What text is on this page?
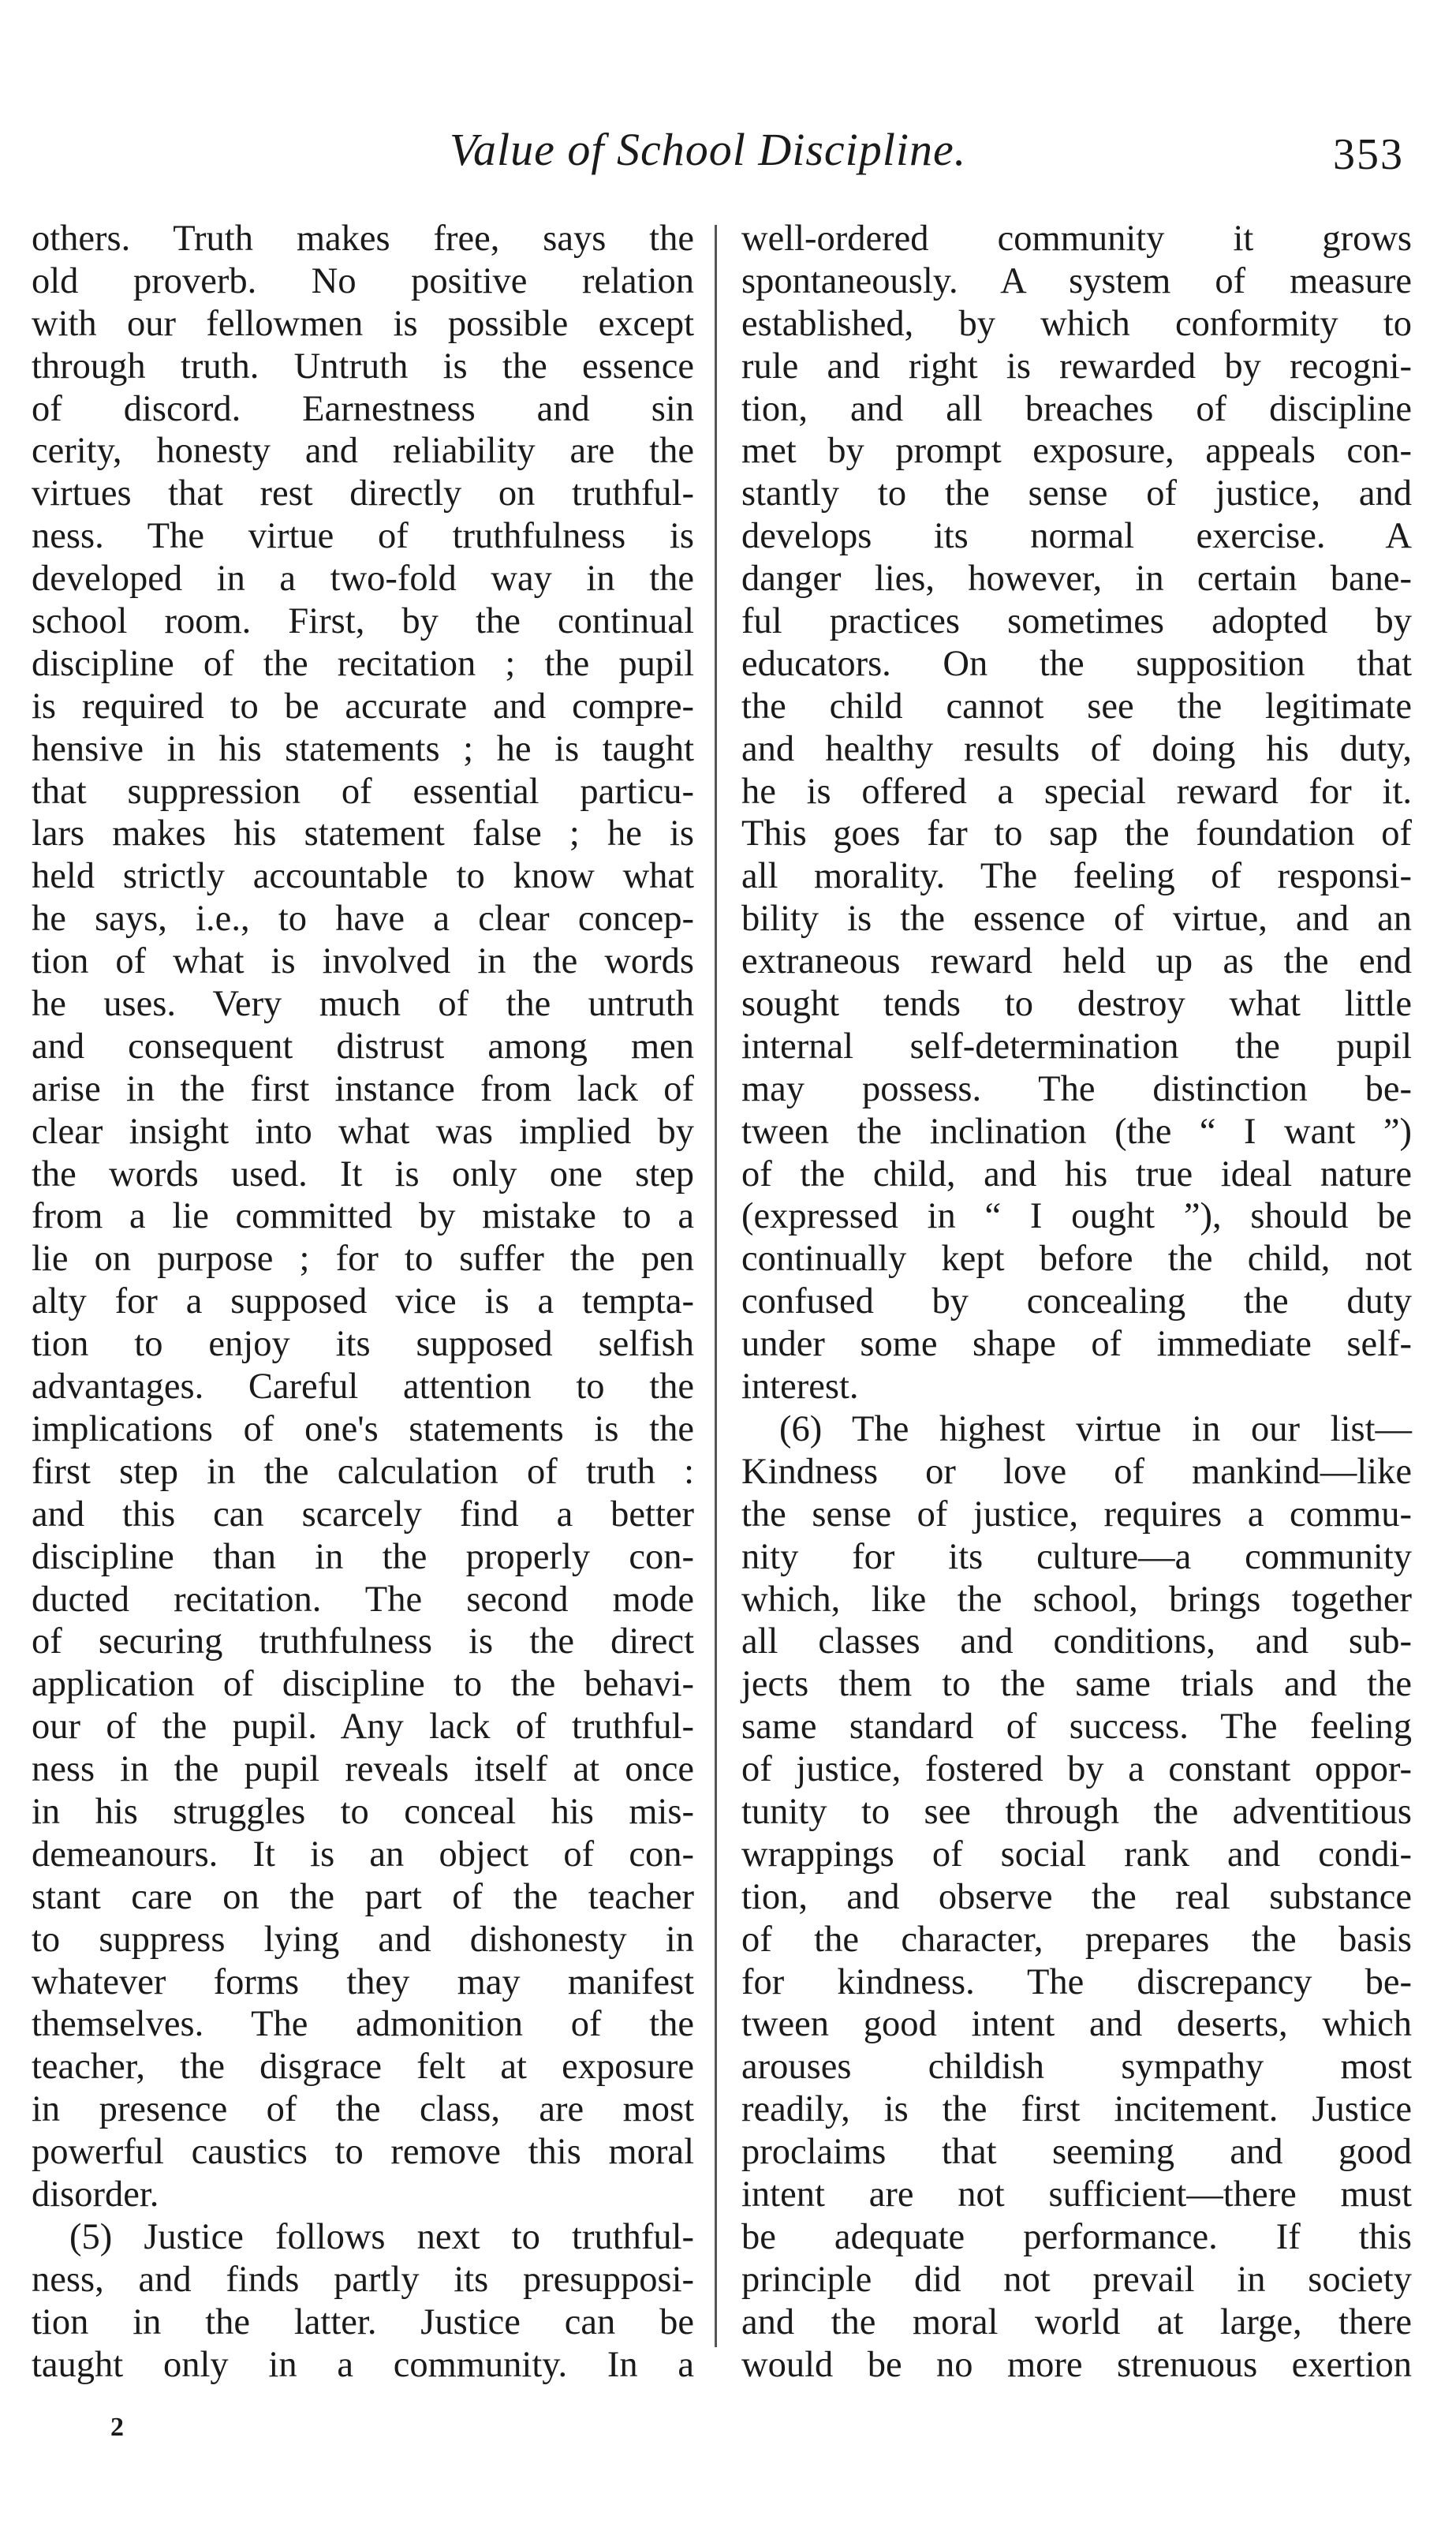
Value of School Discipline.	353
others. Truth makes free, says the
old proverb. No positive relation
with our fellowmen is possible except
through truth. Untruth is the essence
of discord. Earnestness and sin
cerity, honesty and reliability are the
virtues that rest directly on truthful-
ness. The virtue of truthfulness is
developed in a two-fold way in the
school room. First, by the continual
discipline of the recitation ; the pupil
is required to be accurate and compre-
hensive in his statements ; he is taught
that suppression of essential particu-
lars makes his statement false ; he is
held strictly accountable to know what
he says, i.e., to have a clear concep-
tion of what is involved in the words
he uses. Very much of the untruth
and consequent distrust among men
arise in the first instance from lack of
clear insight into what was implied by
the words used. It is only one step
from a lie committed by mistake to a
lie on purpose ; for to suffer the pen
alty for a supposed vice is a tempta-
tion to enjoy its supposed selfish
advantages. Careful attention to the
implications of one's statements is the
first step in the calculation of truth :
and this can scarcely find a better
discipline than in the properly con-
ducted recitation. The second mode
of securing truthfulness is the direct
application of discipline to the behavi-
our of the pupil. Any lack of truthful-
ness in the pupil reveals itself at once
in his struggles to conceal his mis-
demeanours. It is an object of con-
stant care on the part of the teacher
to suppress lying and dishonesty in
whatever forms they may manifest
themselves. The admonition of the
teacher, the disgrace felt at exposure
in presence of the class, are most
powerful caustics to remove this moral
disorder.
(5) Justice follows next to truthful-
ness, and finds partly its presupposi-
tion in the latter. Justice can be
taught only in a community. In a
well-ordered community it grows
spontaneously. A system of measure
established, by which conformity to
rule and right is rewarded by recogni-
tion, and all breaches of discipline
met by prompt exposure, appeals con-
stantly to the sense of justice, and
develops its normal exercise. A
danger lies, however, in certain bane-
ful practices sometimes adopted by
educators. On the supposition that
the child cannot see the legitimate
and healthy results of doing his duty,
he is offered a special reward for it.
This goes far to sap the foundation of
all morality. The feeling of responsi-
bility is the essence of virtue, and an
extraneous reward held up as the end
sought tends to destroy what little
internal self-determination the pupil
may possess. The distinction be-
tween the inclination (the “ I want ”)
of the child, and his true ideal nature
(expressed in “ I ought ”), should be
continually kept before the child, not
confused by concealing the duty
under some shape of immediate self-
interest.
(6) The highest virtue in our list—
Kindness or love of mankind—like
the sense of justice, requires a commu-
nity for its culture—a community
which, like the school, brings together
all classes and conditions, and sub-
jects them to the same trials and the
same standard of success. The feeling
of justice, fostered by a constant oppor-
tunity to see through the adventitious
wrappings of social rank and condi-
tion, and observe the real substance
of the character, prepares the basis
for kindness. The discrepancy be-
tween good intent and deserts, which
arouses childish sympathy most
readily, is the first incitement. Justice
proclaims that seeming and good
intent are not sufficient—there must
be adequate performance. If this
principle did not prevail in society
and the moral world at large, there
would be no more strenuous exertion
2
